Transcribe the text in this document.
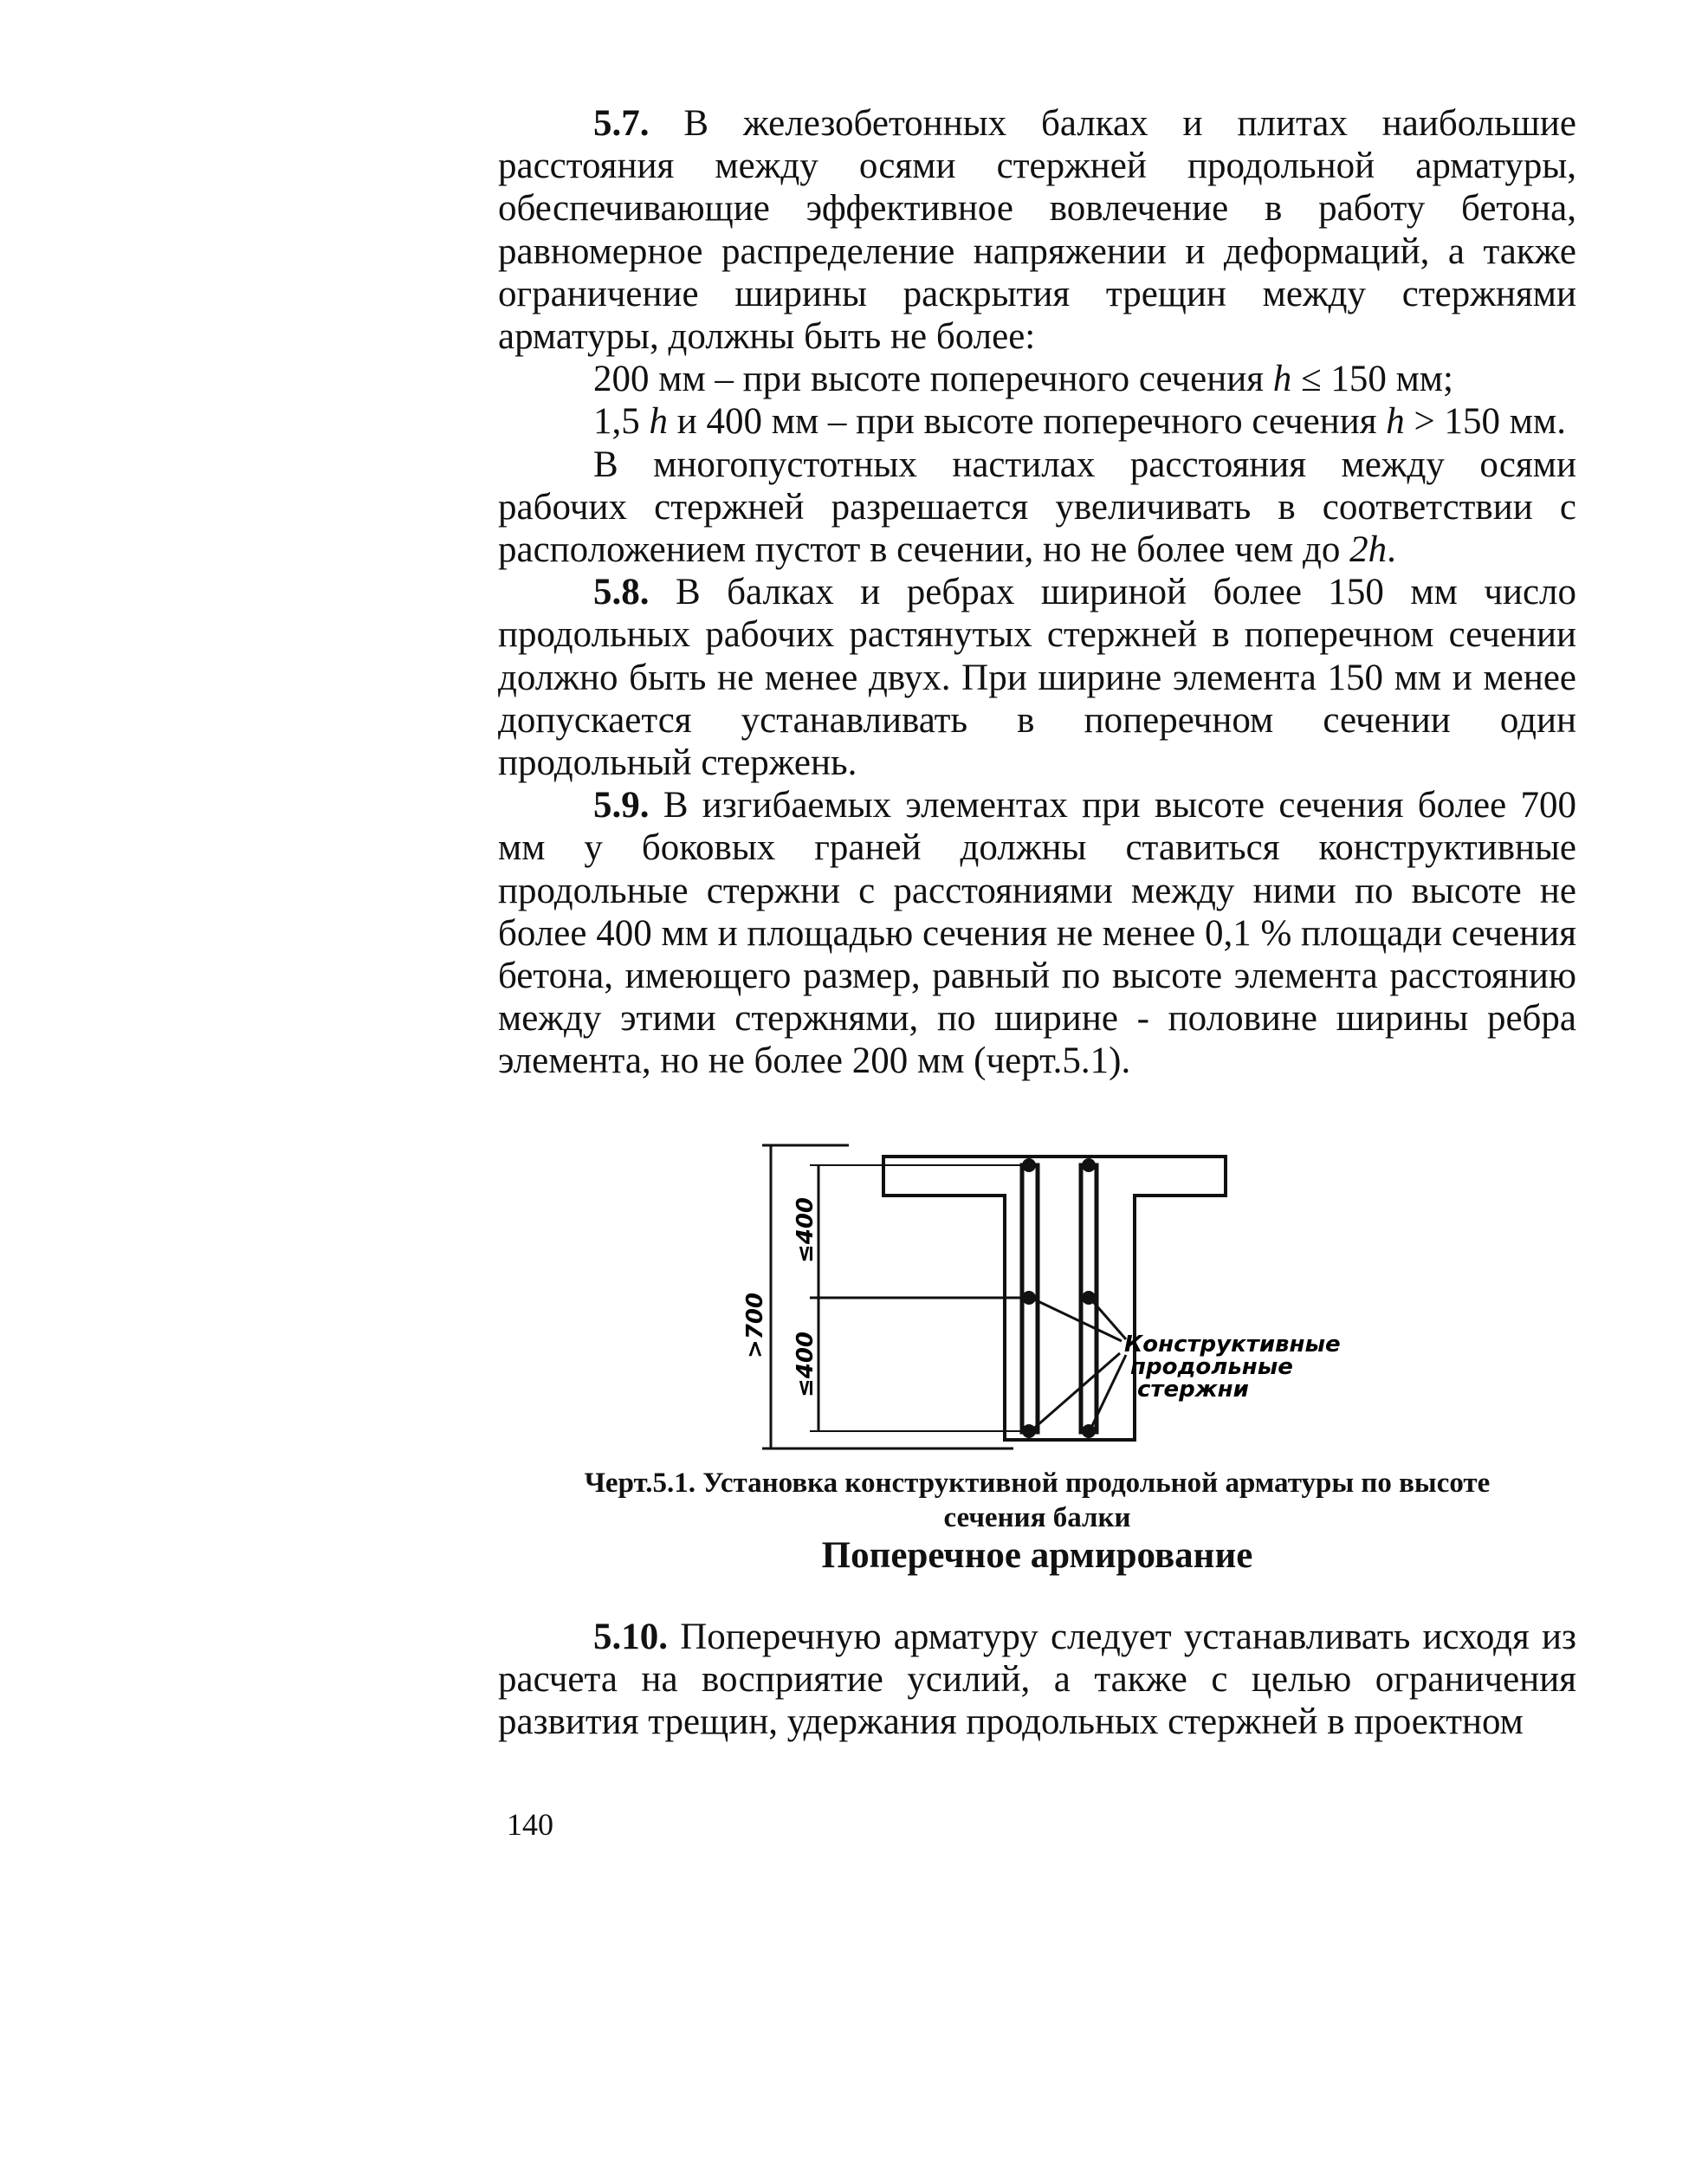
5.7. В железобетонных балках и плитах наибольшие расстояния между осями стержней продольной арматуры, обеспечивающие эффективное вовлечение в работу бетона, равномерное распределение напряжении и деформаций, а также ограничение ширины раскрытия трещин между стержнями арматуры, должны быть не более:

200 мм – при высоте поперечного сечения h ≤ 150 мм;

1,5 h и 400 мм – при высоте поперечного сечения h > 150 мм.

В многопустотных настилах расстояния между осями рабочих стержней разрешается увеличивать в соответствии с расположением пустот в сечении, но не более чем до 2h.

5.8. В балках и ребрах шириной более 150 мм число продольных рабочих растянутых стержней в поперечном сечении должно быть не менее двух. При ширине элемента 150 мм и менее допускается устанавливать в поперечном сечении один продольный стержень.

5.9. В изгибаемых элементах при высоте сечения более 700 мм у боковых граней должны ставиться конструктивные продольные стержни с расстояниями между ними по высоте не более 400 мм и площадью сечения не менее 0,1 % площади сечения бетона, имеющего размер, равный по высоте элемента расстоянию между этими стержнями, по ширине - половине ширины ребра элемента, но не более 200 мм (черт.5.1).

>700
≤400
≤400	Конструктивные
продольные
стержни
Черт.5.1. Установка конструктивной продольной арматуры по высоте
сечения балки
Поперечное армирование

5.10. Поперечную арматуру следует устанавливать исходя из расчета на восприятие усилий, а также с целью ограничения развития трещин, удержания продольных стержней в проектном

140
